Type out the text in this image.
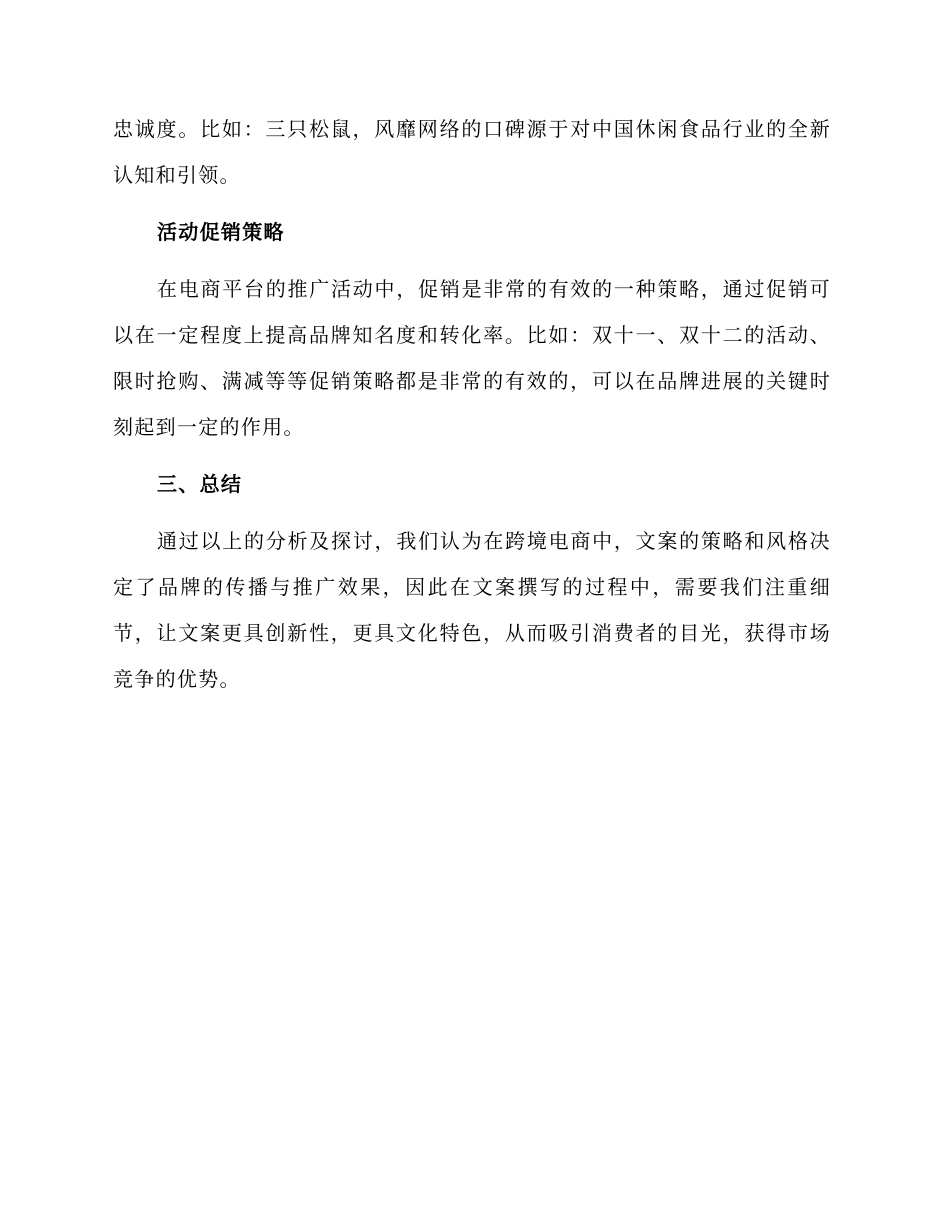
忠诚度。比如：三只松鼠，风靡网络的口碑源于对中国休闲食品行业的全新认知和引领。

活动促销策略

在电商平台的推广活动中，促销是非常的有效的一种策略，通过促销可以在一定程度上提高品牌知名度和转化率。比如：双十一、双十二的活动、限时抢购、满减等等促销策略都是非常的有效的，可以在品牌进展的关键时刻起到一定的作用。

三、总结

通过以上的分析及探讨，我们认为在跨境电商中，文案的策略和风格决定了品牌的传播与推广效果，因此在文案撰写的过程中，需要我们注重细节，让文案更具创新性，更具文化特色，从而吸引消费者的目光，获得市场竞争的优势。
